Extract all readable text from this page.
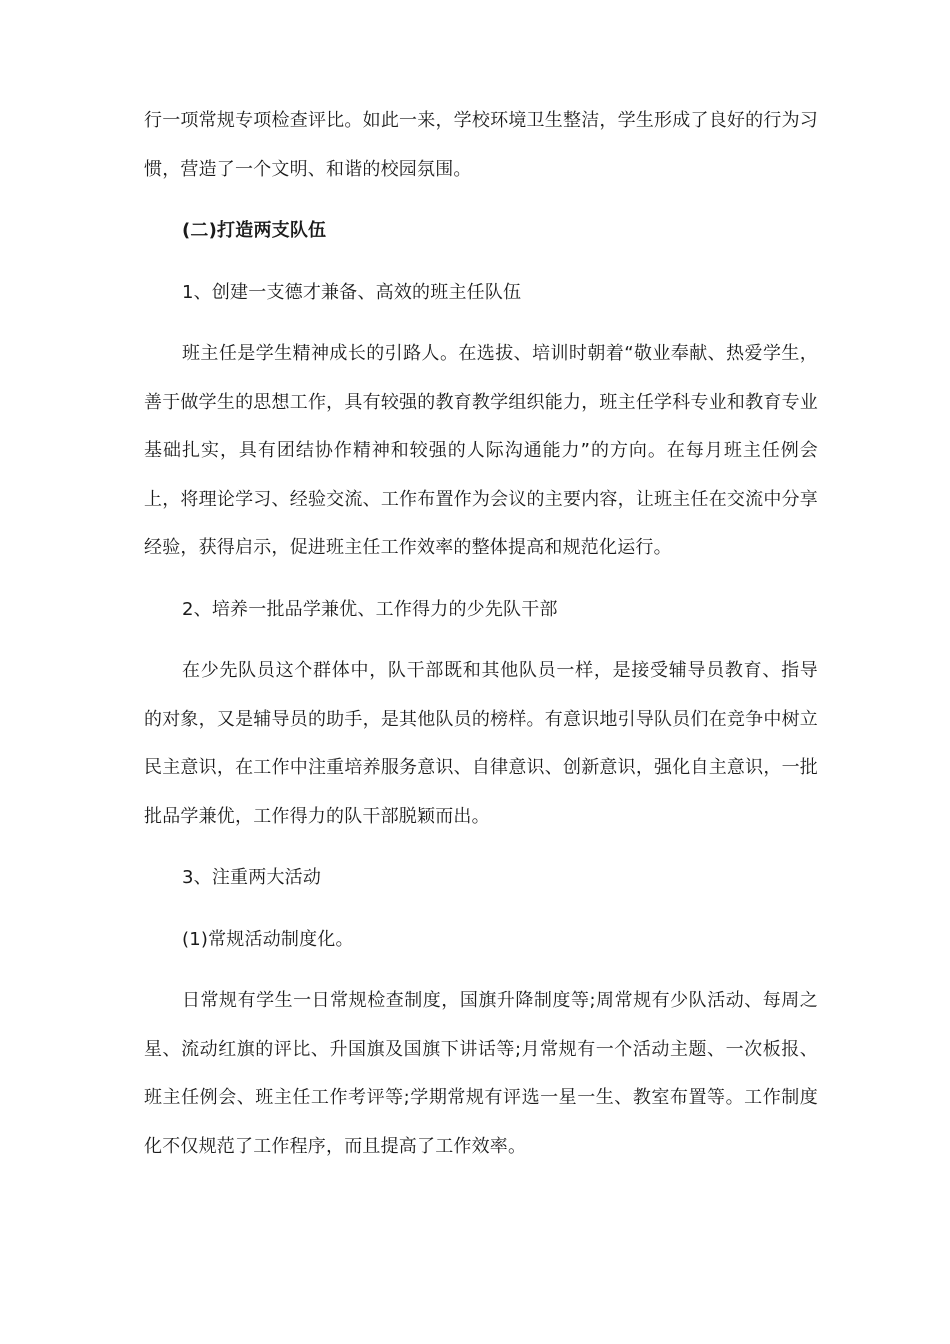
行一项常规专项检查评比。如此一来，学校环境卫生整洁，学生形成了良好的行为习惯，营造了一个文明、和谐的校园氛围。

(二)打造两支队伍

1、创建一支德才兼备、高效的班主任队伍

班主任是学生精神成长的引路人。在选拔、培训时朝着“敬业奉献、热爱学生，善于做学生的思想工作，具有较强的教育教学组织能力，班主任学科专业和教育专业基础扎实，具有团结协作精神和较强的人际沟通能力”的方向。在每月班主任例会上，将理论学习、经验交流、工作布置作为会议的主要内容，让班主任在交流中分享经验，获得启示，促进班主任工作效率的整体提高和规范化运行。

2、培养一批品学兼优、工作得力的少先队干部

在少先队员这个群体中，队干部既和其他队员一样，是接受辅导员教育、指导的对象，又是辅导员的助手，是其他队员的榜样。有意识地引导队员们在竞争中树立民主意识，在工作中注重培养服务意识、自律意识、创新意识，强化自主意识，一批批品学兼优，工作得力的队干部脱颖而出。

3、注重两大活动

(1)常规活动制度化。

日常规有学生一日常规检查制度，国旗升降制度等;周常规有少队活动、每周之星、流动红旗的评比、升国旗及国旗下讲话等;月常规有一个活动主题、一次板报、班主任例会、班主任工作考评等;学期常规有评选一星一生、教室布置等。工作制度化不仅规范了工作程序，而且提高了工作效率。
